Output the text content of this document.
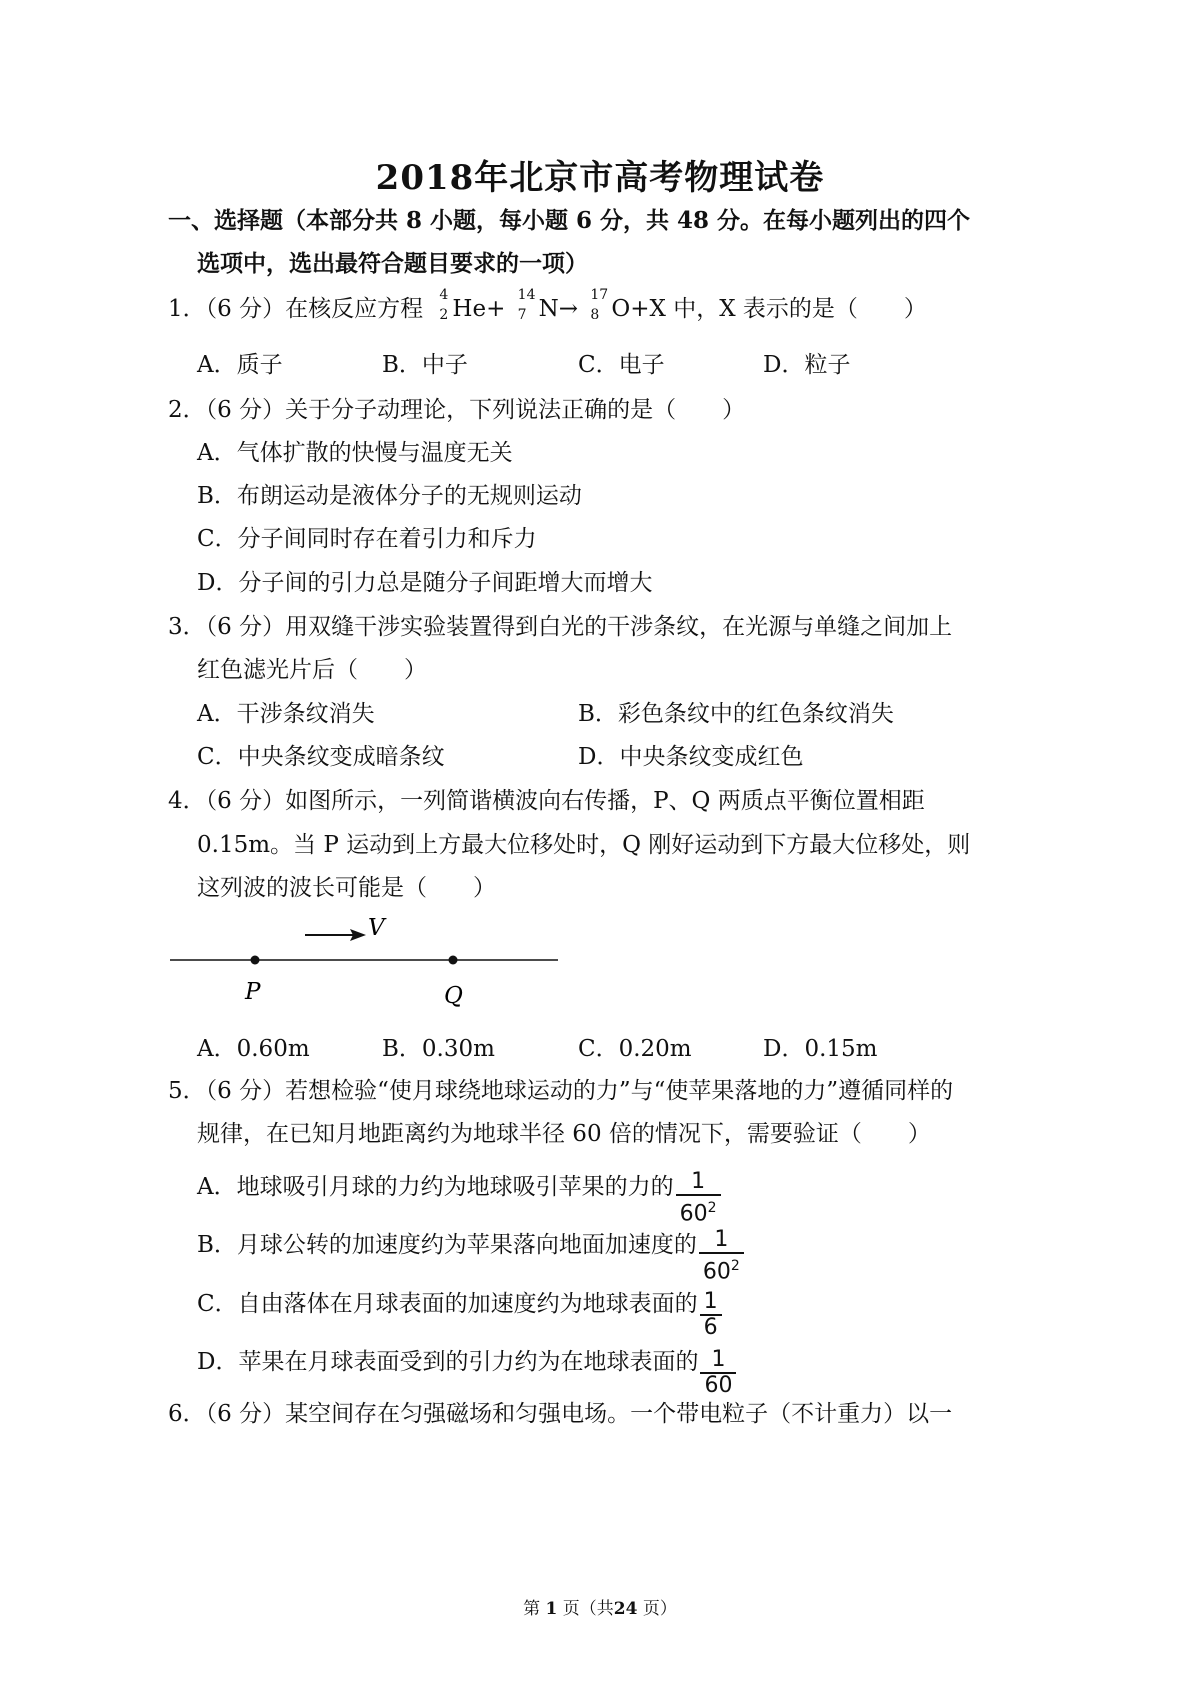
2018年北京市高考物理试卷
一、选择题（本部分共 8 小题，每小题 6 分，共 48 分。在每小题列出的四个
选项中，选出最符合题目要求的一项）
1．（6 分）在核反应方程
4
2 He+
14
7 N→
17
8 O+X 中，X 表示的是（　　）
A．质子	B．中子	C．电子	D．粒子
2．（6 分）关于分子动理论，下列说法正确的是（　　）
A．气体扩散的快慢与温度无关
B．布朗运动是液体分子的无规则运动
C．分子间同时存在着引力和斥力
D．分子间的引力总是随分子间距增大而增大
3．（6 分）用双缝干涉实验装置得到白光的干涉条纹，在光源与单缝之间加上
红色滤光片后（　　）
A．干涉条纹消失	B．彩色条纹中的红色条纹消失
C．中央条纹变成暗条纹	D．中央条纹变成红色
4．（6 分）如图所示，一列简谐横波向右传播，P、Q 两质点平衡位置相距
0.15m。当 P 运动到上方最大位移处时，Q 刚好运动到下方最大位移处，则
这列波的波长可能是（　　）
V
P	Q
A．0.60m	B．0.30m	C．0.20m	D．0.15m
5．（6 分）若想检验“使月球绕地球运动的力”与“使苹果落地的力”遵循同样的
规律，在已知月地距离约为地球半径 60 倍的情况下，需要验证（　　）
A．地球吸引月球的力约为地球吸引苹果的力的 $\frac{1}{60^2}$
B．月球公转的加速度约为苹果落向地面加速度的 $\frac{1}{60^2}$
C．自由落体在月球表面的加速度约为地球表面的 $\frac{1}{6}$
D．苹果在月球表面受到的引力约为在地球表面的 $\frac{1}{60}$
6．（6 分）某空间存在匀强磁场和匀强电场。一个带电粒子（不计重力）以一
第 1 页（共24 页）
